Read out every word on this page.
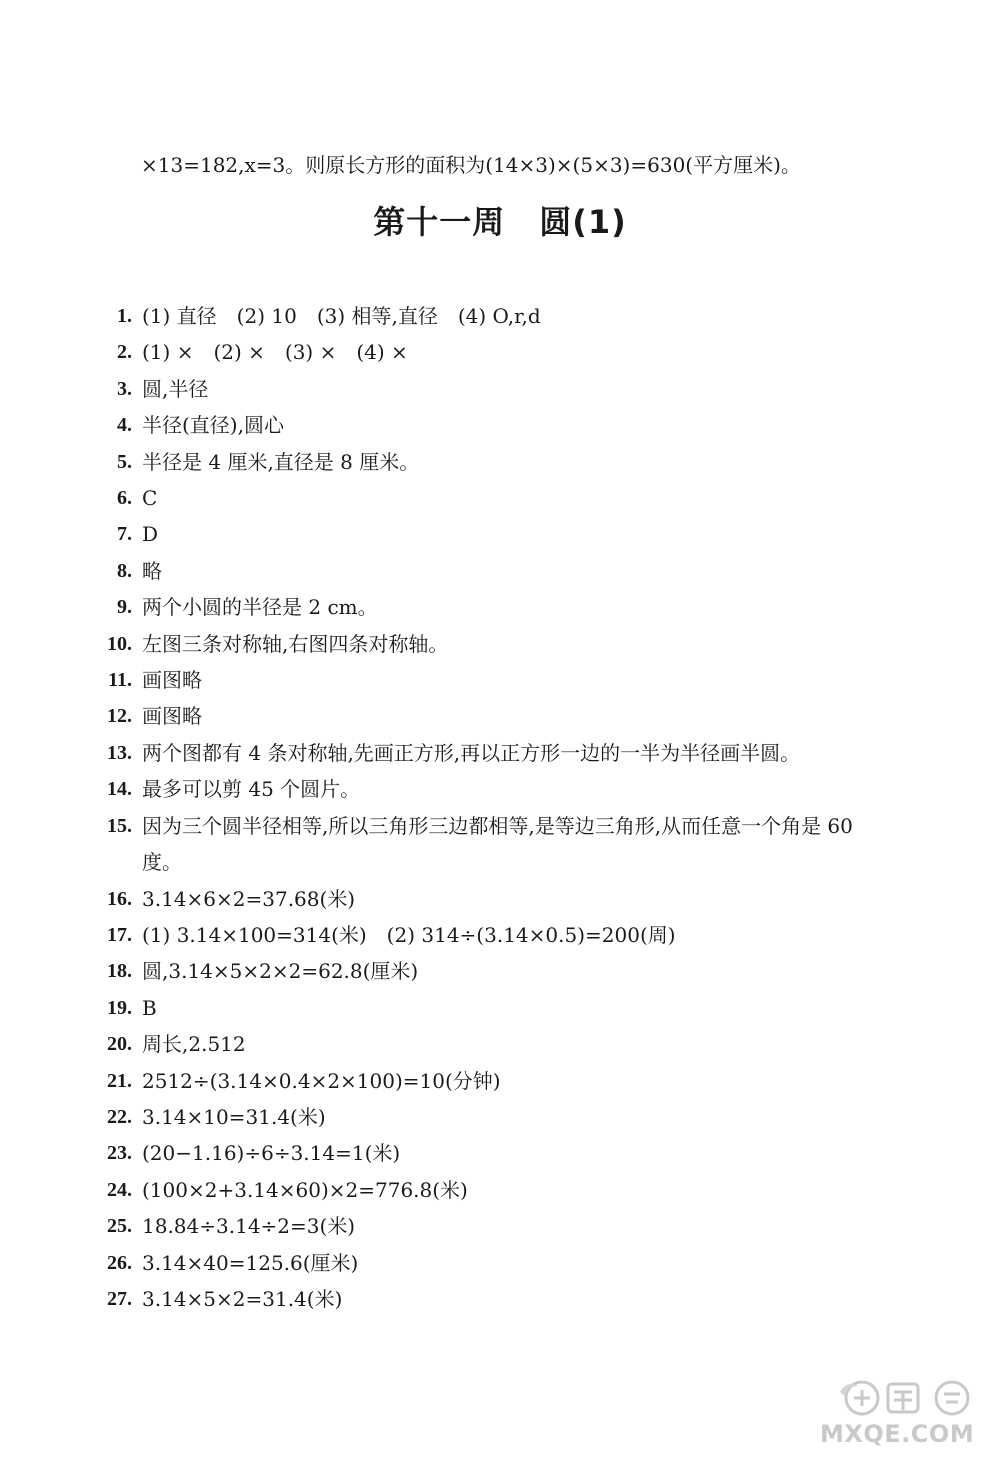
×13=182,x=3。则原长方形的面积为(14×3)×(5×3)=630(平方厘米)。
第十一周 圆(1)
1. (1) 直径　(2) 10　(3) 相等,直径　(4) O,r,d
2. (1) ×　(2) ×　(3) ×　(4) ×
3. 圆,半径
4. 半径(直径),圆心
5. 半径是 4 厘米,直径是 8 厘米。
6. C
7. D
8. 略
9. 两个小圆的半径是 2 cm。
10. 左图三条对称轴,右图四条对称轴。
11. 画图略
12. 画图略
13. 两个图都有 4 条对称轴,先画正方形,再以正方形一边的一半为半径画半圆。
14. 最多可以剪 45 个圆片。
15. 因为三个圆半径相等,所以三角形三边都相等,是等边三角形,从而任意一个角是 60 度。
16. 3.14×6×2=37.68(米)
17. (1) 3.14×100=314(米)　(2) 314÷(3.14×0.5)=200(周)
18. 圆,3.14×5×2×2=62.8(厘米)
19. B
20. 周长,2.512
21. 2512÷(3.14×0.4×2×100)=10(分钟)
22. 3.14×10=31.4(米)
23. (20−1.16)÷6÷3.14=1(米)
24. (100×2+3.14×60)×2=776.8(米)
25. 18.84÷3.14÷2=3(米)
26. 3.14×40=125.6(厘米)
27. 3.14×5×2=31.4(米)
MXQE.COM
